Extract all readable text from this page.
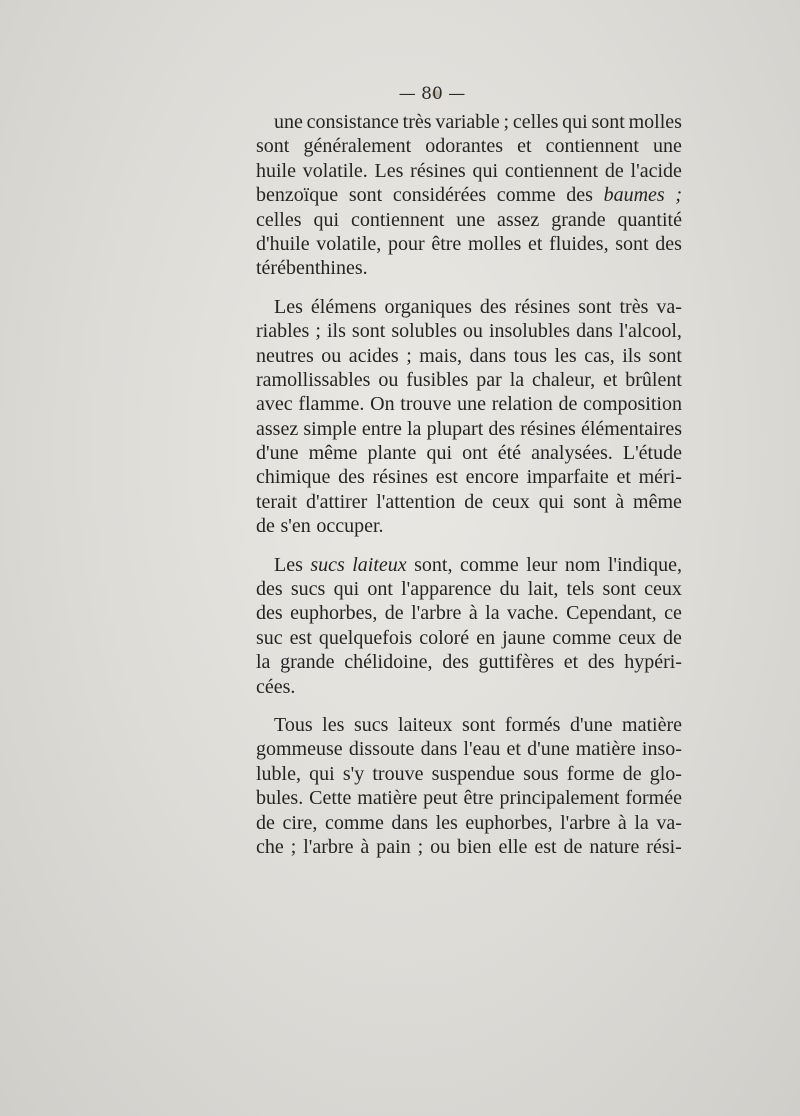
— 80 —
une consistance très variable ; celles qui sont molles
sont généralement odorantes et contiennent une
huile volatile. Les résines qui contiennent de l'acide
benzoïque sont considérées comme des baumes ;
celles qui contiennent une assez grande quantité
d'huile volatile, pour être molles et fluides, sont des
térébenthines.
Les élémens organiques des résines sont très va-
riables ; ils sont solubles ou insolubles dans l'alcool,
neutres ou acides ; mais, dans tous les cas, ils sont
ramollissables ou fusibles par la chaleur, et brûlent
avec flamme. On trouve une relation de composition
assez simple entre la plupart des résines élémentaires
d'une même plante qui ont été analysées. L'étude
chimique des résines est encore imparfaite et méri-
terait d'attirer l'attention de ceux qui sont à même
de s'en occuper.
Les sucs laiteux sont, comme leur nom l'indique,
des sucs qui ont l'apparence du lait, tels sont ceux
des euphorbes, de l'arbre à la vache. Cependant, ce
suc est quelquefois coloré en jaune comme ceux de
la grande chélidoine, des guttifères et des hypéri-
cées.
Tous les sucs laiteux sont formés d'une matière
gommeuse dissoute dans l'eau et d'une matière inso-
luble, qui s'y trouve suspendue sous forme de glo-
bules. Cette matière peut être principalement formée
de cire, comme dans les euphorbes, l'arbre à la va-
che ; l'arbre à pain ; ou bien elle est de nature rési-
